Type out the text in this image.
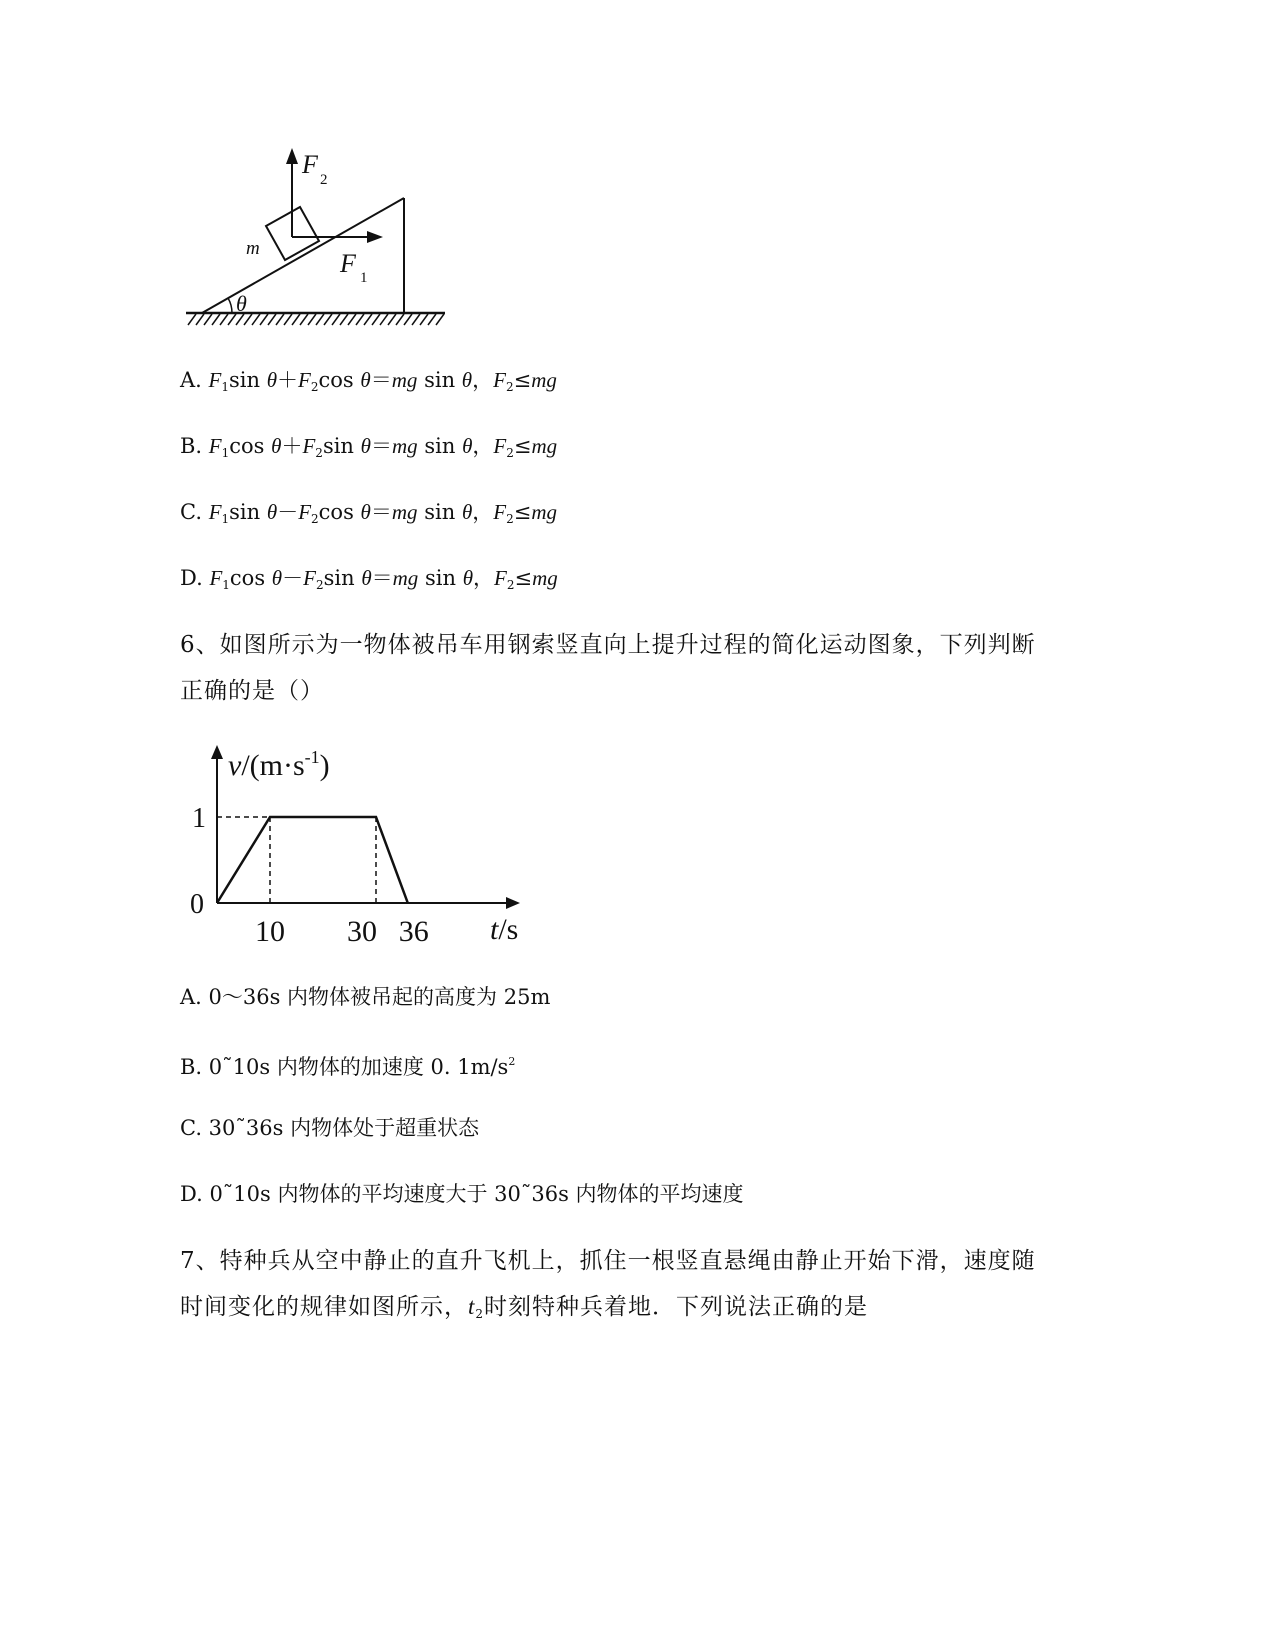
θ
m
F
2
F 1
A. $F_1\sin$ $\theta+F_2\cos$ θ＝mg sin θ，$F_2\le mg$
B. $F_1\cos$ $\theta+F_2\sin$ θ＝mg sin θ，$F_2\le mg$
C. $F_1\sin$ $\theta-F_2\cos$ θ＝mg sin θ，$F_2\le mg$
D. $F_1\cos$ $\theta-F_2\sin$ θ＝mg sin θ，$F_2\le mg$
6、如图所示为一物体被吊车用钢索竖直向上提升过程的简化运动图象，下列判断
正确的是（）
$v/(m\cdot s^{-1})$
t/s
0
1
10 30 36
A. 0～36s 内物体被吊起的高度为 25m
B. 0˜10s 内物体的加速度 0. $1m/s^2$
C. 30˜36s 内物体处于超重状态
D. 0˜10s 内物体的平均速度大于 30˜36s 内物体的平均速度
7、特种兵从空中静止的直升飞机上，抓住一根竖直悬绳由静止开始下滑，速度随
时间变化的规律如图所示，$t_2$时刻特种兵着地．下列说法正确的是
